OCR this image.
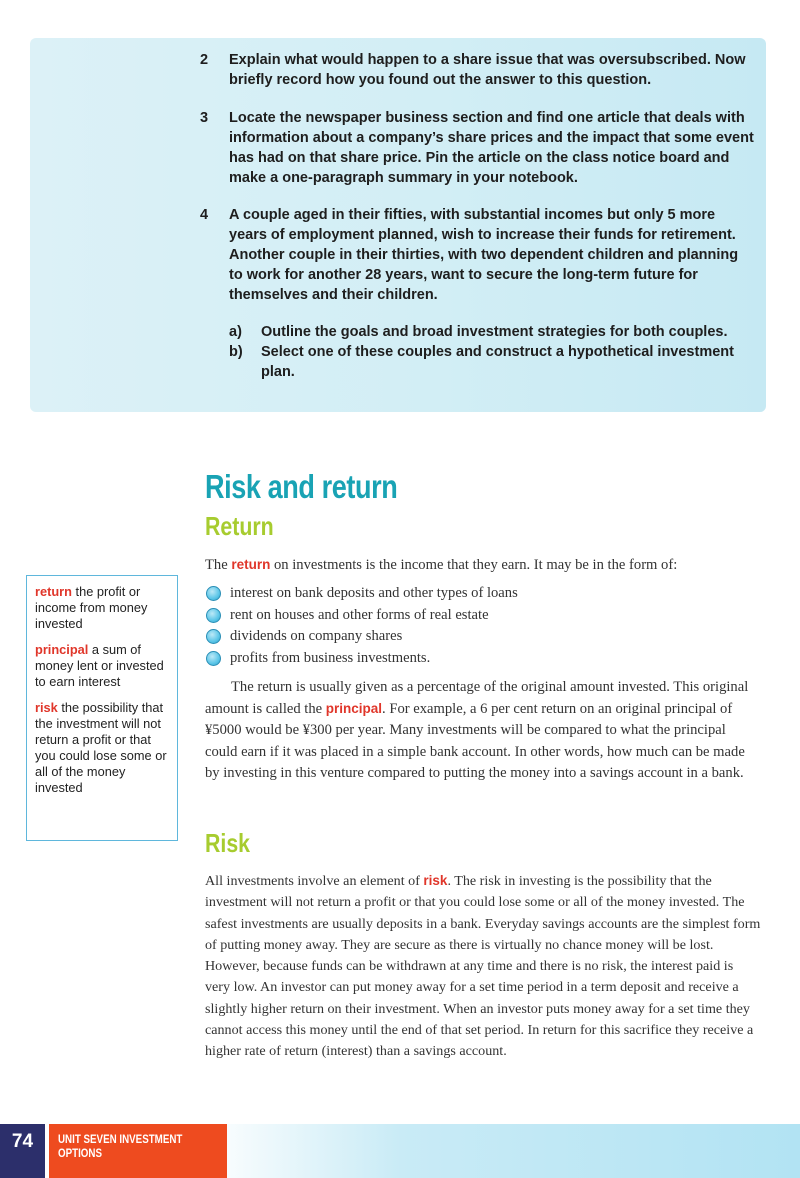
2	Explain what would happen to a share issue that was oversubscribed. Now briefly record how you found out the answer to this question.
3	Locate the newspaper business section and find one article that deals with information about a company’s share prices and the impact that some event has had on that share price. Pin the article on the class notice board and make a one-paragraph summary in your notebook.
4	A couple aged in their fifties, with substantial incomes but only 5 more years of employment planned, wish to increase their funds for retirement. Another couple in their thirties, with two dependent children and planning to work for another 28 years, want to secure the long-term future for themselves and their children.
a) Outline the goals and broad investment strategies for both couples.
b) Select one of these couples and construct a hypothetical investment plan.
Risk and return
Return
The return on investments is the income that they earn. It may be in the form of:
interest on bank deposits and other types of loans
rent on houses and other forms of real estate
dividends on company shares
profits from business investments.
The return is usually given as a percentage of the original amount invested. This original amount is called the principal. For example, a 6 per cent return on an original principal of ¥5000 would be ¥300 per year. Many investments will be compared to what the principal could earn if it was placed in a simple bank account. In other words, how much can be made by investing in this venture compared to putting the money into a savings account in a bank.
Risk
All investments involve an element of risk. The risk in investing is the possibility that the investment will not return a profit or that you could lose some or all of the money invested. The safest investments are usually deposits in a bank. Everyday savings accounts are the simplest form of putting money away. They are secure as there is virtually no chance money will be lost. However, because funds can be withdrawn at any time and there is no risk, the interest paid is very low. An investor can put money away for a set time period in a term deposit and receive a slightly higher return on their investment. When an investor puts money away for a set time they cannot access this money until the end of that set period. In return for this sacrifice they receive a higher rate of return (interest) than a savings account.
return the profit or income from money invested
principal a sum of money lent or invested to earn interest
risk the possibility that the investment will not return a profit or that you could lose some or all of the money invested
74	UNIT SEVEN INVESTMENT
OPTIONS
